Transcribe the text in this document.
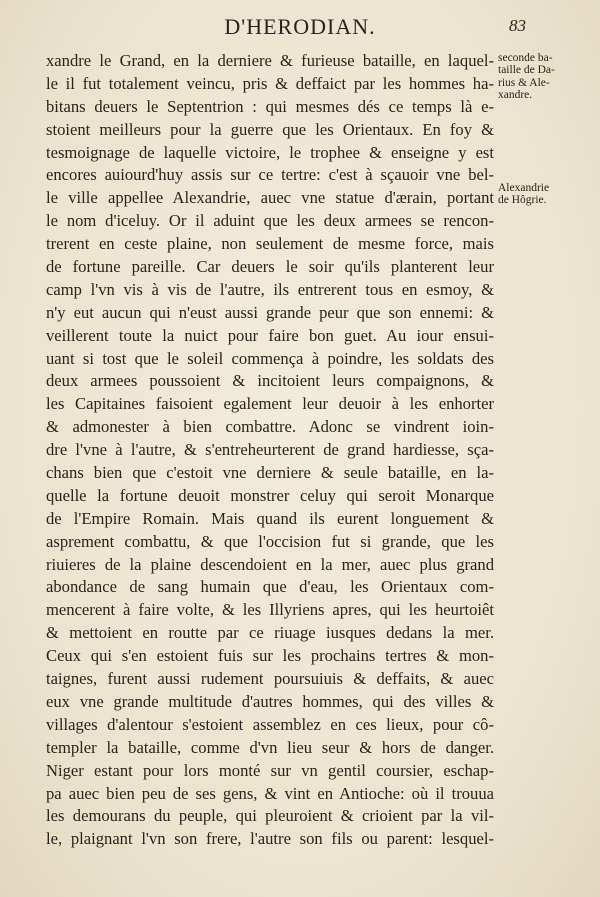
D'HERODIAN.	83
xandre le Grand, en la derniere & furieuse bataille, en laquel-
le il fut totalement veincu, pris & deffaict par les hommes ha-
bitans deuers le Septentrion : qui mesmes dés ce temps là e-
stoient meilleurs pour la guerre que les Orientaux. En foy &
tesmoignage de laquelle victoire, le trophee & enseigne y est
encores auiourd'huy assis sur ce tertre: c'est à sçauoir vne bel-
le ville appellee Alexandrie, auec vne statue d'ærain, portant
le nom d'iceluy. Or il aduint que les deux armees se rencon-
trerent en ceste plaine, non seulement de mesme force, mais
de fortune pareille. Car deuers le soir qu'ils planterent leur
camp l'vn vis à vis de l'autre, ils entrerent tous en esmoy, &
n'y eut aucun qui n'eust aussi grande peur que son ennemi: &
veillerent toute la nuict pour faire bon guet. Au iour ensui-
uant si tost que le soleil commença à poindre, les soldats des
deux armees poussoient & incitoient leurs compaignons, &
les Capitaines faisoient egalement leur deuoir à les enhorter
& admonester à bien combattre. Adonc se vindrent ioin-
dre l'vne à l'autre, & s'entreheurterent de grand hardiesse, sça-
chans bien que c'estoit vne derniere & seule bataille, en la-
quelle la fortune deuoit monstrer celuy qui seroit Monarque
de l'Empire Romain. Mais quand ils eurent longuement &
asprement combattu, & que l'occision fut si grande, que les
riuieres de la plaine descendoient en la mer, auec plus grand
abondance de sang humain que d'eau, les Orientaux com-
mencerent à faire volte, & les Illyriens apres, qui les heurtoiêt
& mettoient en routte par ce riuage iusques dedans la mer.
Ceux qui s'en estoient fuis sur les prochains tertres & mon-
taignes, furent aussi rudement poursuiuis & deffaits, & auec
eux vne grande multitude d'autres hommes, qui des villes &
villages d'alentour s'estoient assemblez en ces lieux, pour cô-
templer la bataille, comme d'vn lieu seur & hors de danger.
Niger estant pour lors monté sur vn gentil coursier, eschap-
pa auec bien peu de ses gens, & vint en Antioche: où il trouua
les demourans du peuple, qui pleuroient & crioient par la vil-
le, plaignant l'vn son frere, l'autre son fils ou parent: lesquel-
seconde ba-
taille de Da-
rius & Ale-
xandre.
Alexandrie
de Hôgrie.
